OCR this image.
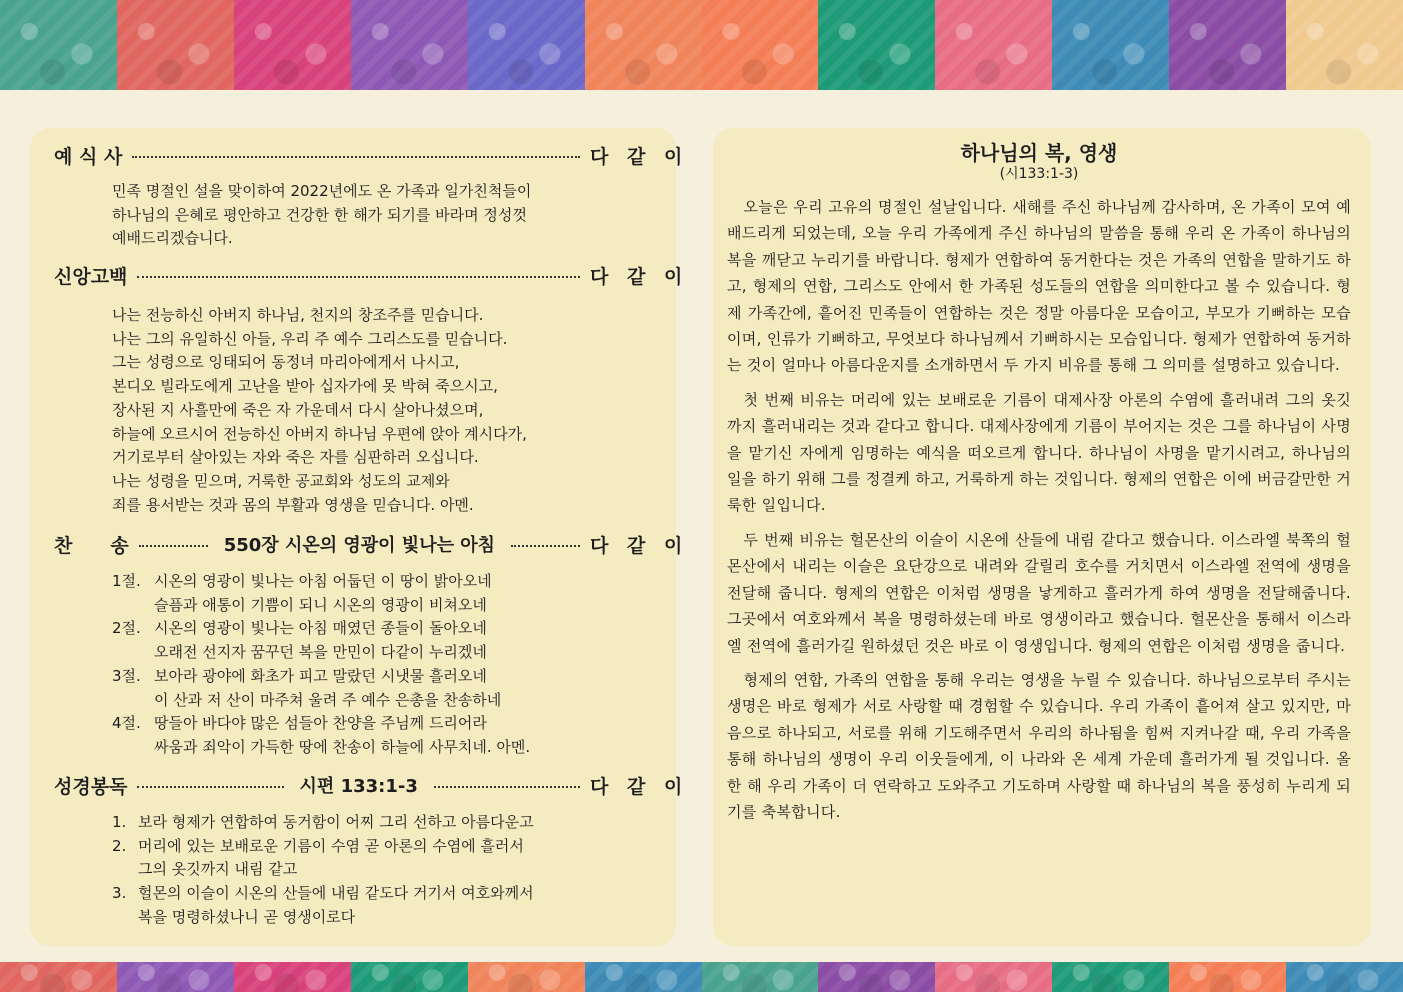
예 식 사	다 같 이

민족 명절인 설을 맞이하여 2022년에도 온 가족과 일가친척들이

하나님의 은혜로 평안하고 건강한 한 해가 되기를 바라며 정성껏

예배드리겠습니다.

신앙고백	다 같 이

나는 전능하신 아버지 하나님, 천지의 창조주를 믿습니다.

나는 그의 유일하신 아들, 우리 주 예수 그리스도를 믿습니다.

그는 성령으로 잉태되어 동정녀 마리아에게서 나시고,

본디오 빌라도에게 고난을 받아 십자가에 못 박혀 죽으시고,

장사된 지 사흘만에 죽은 자 가운데서 다시 살아나셨으며,

하늘에 오르시어 전능하신 아버지 하나님 우편에 앉아 계시다가,

거기로부터 살아있는 자와 죽은 자를 심판하러 오십니다.

나는 성령을 믿으며, 거룩한 공교회와 성도의 교제와

죄를 용서받는 것과 몸의 부활과 영생을 믿습니다. 아멘.

찬　　송	550장 시온의 영광이 빛나는 아침	다 같 이
1절. 시온의 영광이 빛나는 아침 어둡던 이 땅이 밝아오네
슬픔과 애통이 기쁨이 되니 시온의 영광이 비쳐오네
2절. 시온의 영광이 빛나는 아침 매였던 종들이 돌아오네
오래전 선지자 꿈꾸던 복을 만민이 다같이 누리겠네
3절. 보아라 광야에 화초가 피고 말랐던 시냇물 흘러오네
이 산과 저 산이 마주쳐 울려 주 예수 은총을 찬송하네
4절. 땅들아 바다야 많은 섬들아 찬양을 주님께 드리어라
싸움과 죄악이 가득한 땅에 찬송이 하늘에 사무치네. 아멘.
성경봉독	시편 133:1-3	다 같 이
1. 보라 형제가 연합하여 동거함이 어찌 그리 선하고 아름다운고
2. 머리에 있는 보배로운 기름이 수염 곧 아론의 수염에 흘러서
그의 옷깃까지 내림 같고
3. 헐몬의 이슬이 시온의 산들에 내림 같도다 거기서 여호와께서
복을 명령하셨나니 곧 영생이로다
하나님의 복, 영생
(시133:1-3)

오늘은 우리 고유의 명절인 설날입니다. 새해를 주신 하나님께 감사하며, 온 가족이 모여 예배드리게 되었는데, 오늘 우리 가족에게 주신 하나님의 말씀을 통해 우리 온 가족이 하나님의 복을 깨닫고 누리기를 바랍니다. 형제가 연합하여 동거한다는 것은 가족의 연합을 말하기도 하고, 형제의 연합, 그리스도 안에서 한 가족된 성도들의 연합을 의미한다고 볼 수 있습니다. 형제 가족간에, 흩어진 민족들이 연합하는 것은 정말 아름다운 모습이고, 부모가 기뻐하는 모습이며, 인류가 기뻐하고, 무엇보다 하나님께서 기뻐하시는 모습입니다. 형제가 연합하여 동거하는 것이 얼마나 아름다운지를 소개하면서 두 가지 비유를 통해 그 의미를 설명하고 있습니다.

첫 번째 비유는 머리에 있는 보배로운 기름이 대제사장 아론의 수염에 흘러내려 그의 옷깃까지 흘러내리는 것과 같다고 합니다. 대제사장에게 기름이 부어지는 것은 그를 하나님이 사명을 맡기신 자에게 임명하는 예식을 떠오르게 합니다. 하나님이 사명을 맡기시려고, 하나님의 일을 하기 위해 그를 정결케 하고, 거룩하게 하는 것입니다. 형제의 연합은 이에 버금갈만한 거룩한 일입니다.

두 번째 비유는 헐몬산의 이슬이 시온에 산들에 내림 같다고 했습니다. 이스라엘 북쪽의 헐몬산에서 내리는 이슬은 요단강으로 내려와 갈릴리 호수를 거치면서 이스라엘 전역에 생명을 전달해 줍니다. 형제의 연합은 이처럼 생명을 낳게하고 흘러가게 하여 생명을 전달해줍니다. 그곳에서 여호와께서 복을 명령하셨는데 바로 영생이라고 했습니다. 헐몬산을 통해서 이스라엘 전역에 흘러가길 원하셨던 것은 바로 이 영생입니다. 형제의 연합은 이처럼 생명을 줍니다.

형제의 연합, 가족의 연합을 통해 우리는 영생을 누릴 수 있습니다. 하나님으로부터 주시는 생명은 바로 형제가 서로 사랑할 때 경험할 수 있습니다. 우리 가족이 흩어져 살고 있지만, 마음으로 하나되고, 서로를 위해 기도해주면서 우리의 하나됨을 힘써 지켜나갈 때, 우리 가족을 통해 하나님의 생명이 우리 이웃들에게, 이 나라와 온 세계 가운데 흘러가게 될 것입니다. 올 한 해 우리 가족이 더 연락하고 도와주고 기도하며 사랑할 때 하나님의 복을 풍성히 누리게 되기를 축복합니다.
